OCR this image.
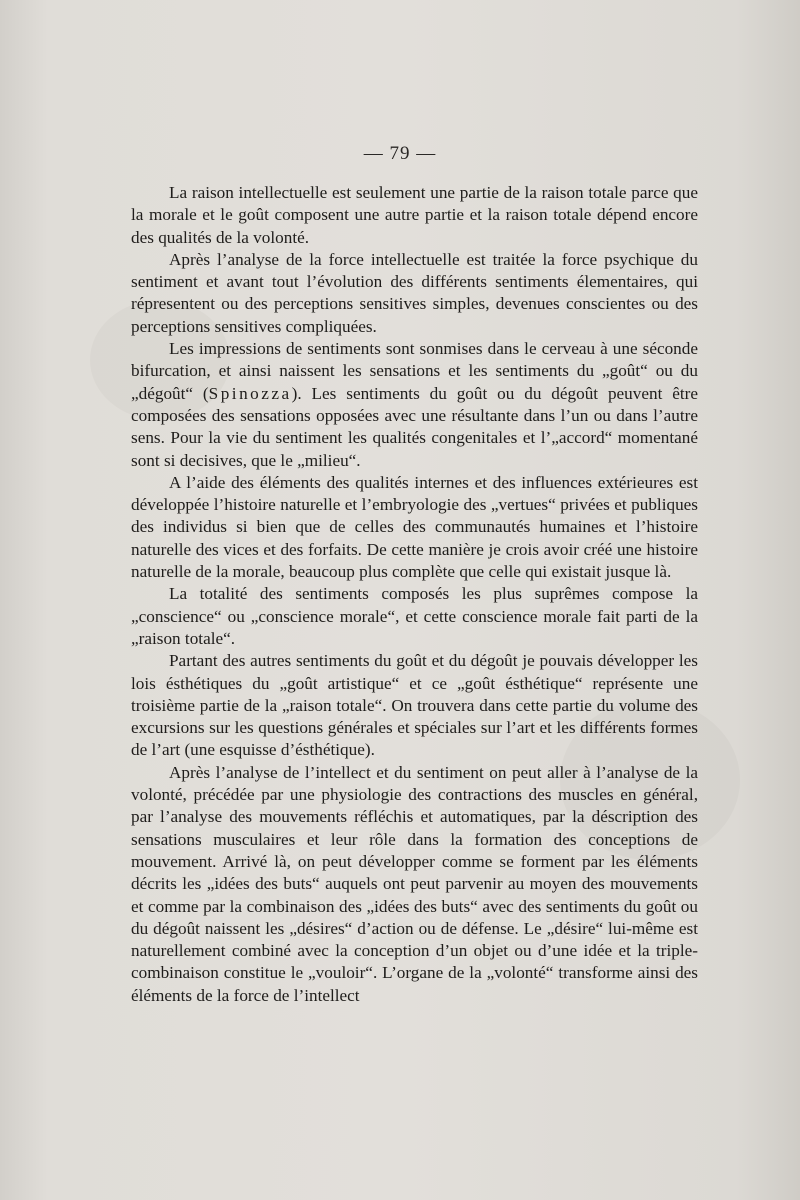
— 79 —

La raison intellectuelle est seulement une partie de la raison totale parce que la morale et le goût composent une autre partie et la raison totale dépend encore des qualités de la volonté.

Après l’analyse de la force intellectuelle est traitée la force psychique du sentiment et avant tout l’évolution des différents sentiments élementaires, qui répresentent ou des perceptions sensitives simples, devenues conscientes ou des perceptions sensitives compliquées.

Les impressions de sentiments sont sonmises dans le cerveau à une séconde bifurcation, et ainsi naissent les sensations et les sentiments du „goût“ ou du „dégoût“ (Spinozza). Les sentiments du goût ou du dégoût peuvent être composées des sensations opposées avec une résultante dans l’un ou dans l’autre sens. Pour la vie du sentiment les qualités congenitales et l’„accord“ momentané sont si decisives, que le „milieu“.

A l’aide des éléments des qualités internes et des influences extérieures est développée l’histoire naturelle et l’embryologie des „vertues“ privées et publiques des individus si bien que de celles des communautés humaines et l’histoire naturelle des vices et des forfaits. De cette manière je crois avoir créé une histoire naturelle de la morale, beaucoup plus complète que celle qui existait jusque là.

La totalité des sentiments composés les plus suprêmes compose la „conscience“ ou „conscience morale“, et cette conscience morale fait parti de la „raison totale“.

Partant des autres sentiments du goût et du dégoût je pouvais développer les lois ésthétiques du „goût artistique“ et ce „goût ésthétique“ représente une troisième partie de la „raison totale“. On trouvera dans cette partie du volume des excursions sur les questions générales et spéciales sur l’art et les différents formes de l’art (une esquisse d’ésthétique).

Après l’analyse de l’intellect et du sentiment on peut aller à l’analyse de la volonté, précédée par une physiologie des contractions des muscles en général, par l’analyse des mouvements réfléchis et automatiques, par la déscription des sensations musculaires et leur rôle dans la formation des conceptions de mouvement. Arrivé là, on peut développer comme se forment par les éléments décrits les „idées des buts“ auquels ont peut parvenir au moyen des mouvements et comme par la combinaison des „idées des buts“ avec des sentiments du goût ou du dégoût naissent les „désires“ d’action ou de défense. Le „désire“ lui-même est naturellement combiné avec la conception d’un objet ou d’une idée et la triple-combinaison constitue le „vouloir“. L’organe de la „volonté“ transforme ainsi des éléments de la force de l’intellect
